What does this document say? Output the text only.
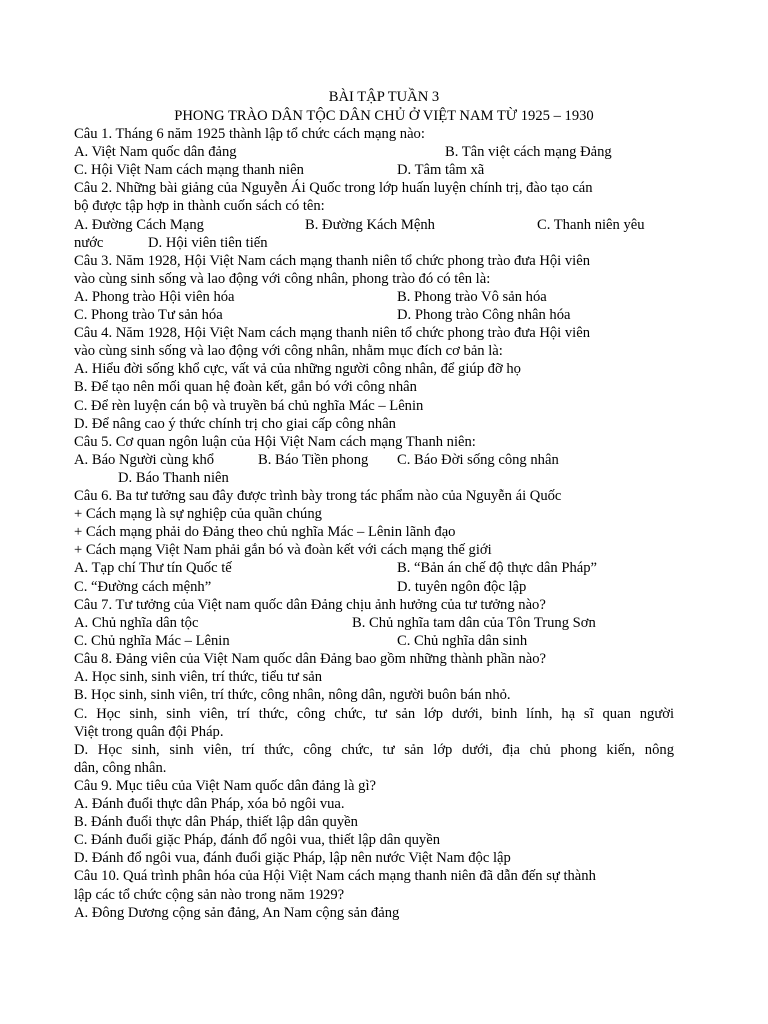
BÀI TẬP TUẦN 3
PHONG TRÀO DÂN TỘC DÂN CHỦ Ở VIỆT NAM TỪ 1925 – 1930
Câu 1. Tháng 6 năm 1925 thành lập tổ chức cách mạng nào:
A. Việt Nam quốc dân đảng	B. Tân việt cách mạng Đảng
C. Hội Việt Nam cách mạng thanh niên	D. Tâm tâm xã
Câu 2. Những bài giảng của Nguyễn Ái Quốc trong lớp huấn luyện chính trị, đào tạo cán
bộ được tập hợp in thành cuốn sách có tên:
A. Đường Cách Mạng	B. Đường Kách Mệnh	C. Thanh niên yêu
nước	D. Hội viên tiên tiến
Câu 3. Năm 1928, Hội Việt Nam cách mạng thanh niên tổ chức phong trào đưa Hội viên
vào cùng sinh sống và lao động với công nhân, phong trào đó có tên là:
A. Phong trào Hội viên hóa	B. Phong trào Vô sản hóa
C. Phong trào Tư sản hóa	D. Phong trào Công nhân hóa
Câu 4. Năm 1928, Hội Việt Nam cách mạng thanh niên tổ chức phong trào đưa Hội viên
vào cùng sinh sống và lao động với công nhân, nhằm mục đích cơ bản là:
A. Hiểu đời sống khổ cực, vất vả của những người công nhân, để giúp đỡ họ
B. Để tạo nên mối quan hệ đoàn kết, gắn bó với công nhân
C. Để rèn luyện cán bộ và truyền bá chủ nghĩa Mác – Lênin
D. Để nâng cao ý thức chính trị cho giai cấp công nhân
Câu 5. Cơ quan ngôn luận của Hội Việt Nam cách mạng Thanh niên:
A. Báo Người cùng khổ	B. Báo Tiền phong C. Báo Đời sống công nhân
D. Báo Thanh niên
Câu 6. Ba tư tưởng sau đây được trình bày trong tác phẩm nào của Nguyễn ái Quốc
+ Cách mạng là sự nghiệp của quần chúng
+ Cách mạng phải do Đảng theo chủ nghĩa Mác – Lênin lãnh đạo
+ Cách mạng Việt Nam phải gắn bó và đoàn kết với cách mạng thế giới
A. Tạp chí Thư tín Quốc tế	B. “Bản án chế độ thực dân Pháp”
C. “Đường cách mệnh”	D. tuyên ngôn độc lập
Câu 7. Tư tưởng của Việt nam quốc dân Đảng chịu ảnh hưởng của tư tưởng nào?
A. Chủ nghĩa dân tộc	B. Chủ nghĩa tam dân của Tôn Trung Sơn
C. Chủ nghĩa Mác – Lênin	C. Chủ nghĩa dân sinh
Câu 8. Đảng viên của Việt Nam quốc dân Đảng bao gồm những thành phần nào?
A. Học sinh, sinh viên, trí thức, tiểu tư sản
B. Học sinh, sinh viên, trí thức, công nhân, nông dân, người buôn bán nhỏ.
C. Học sinh, sinh viên, trí thức, công chức, tư sản lớp dưới, binh lính, hạ sĩ quan người
Việt trong quân đội Pháp.
D. Học sinh, sinh viên, trí thức, công chức, tư sản lớp dưới, địa chủ phong kiến, nông
dân, công nhân.
Câu 9. Mục tiêu của Việt Nam quốc dân đảng là gì?
A. Đánh đuổi thực dân Pháp, xóa bỏ ngôi vua.
B. Đánh đuổi thực dân Pháp, thiết lập dân quyền
C. Đánh đuổi giặc Pháp, đánh đổ ngôi vua, thiết lập dân quyền
D. Đánh đổ ngôi vua, đánh đuổi giặc Pháp, lập nên nước Việt Nam độc lập
Câu 10. Quá trình phân hóa của Hội Việt Nam cách mạng thanh niên đã dẫn đến sự thành
lập các tổ chức cộng sản nào trong năm 1929?
A. Đông Dương cộng sản đảng, An Nam cộng sản đảng
